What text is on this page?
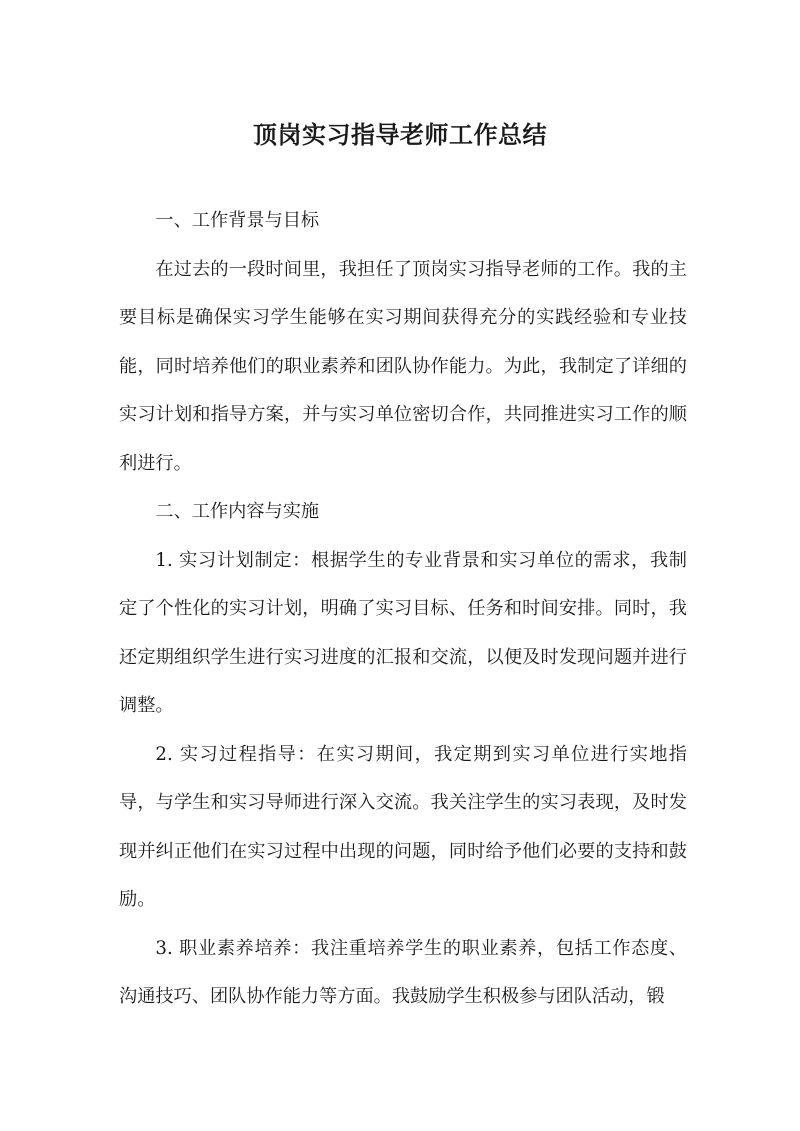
顶岗实习指导老师工作总结

一、工作背景与目标

在过去的一段时间里，我担任了顶岗实习指导老师的工作。我的主要目标是确保实习学生能够在实习期间获得充分的实践经验和专业技能，同时培养他们的职业素养和团队协作能力。为此，我制定了详细的实习计划和指导方案，并与实习单位密切合作，共同推进实习工作的顺利进行。

二、工作内容与实施

1. 实习计划制定：根据学生的专业背景和实习单位的需求，我制定了个性化的实习计划，明确了实习目标、任务和时间安排。同时，我还定期组织学生进行实习进度的汇报和交流，以便及时发现问题并进行调整。

2. 实习过程指导：在实习期间，我定期到实习单位进行实地指导，与学生和实习导师进行深入交流。我关注学生的实习表现，及时发现并纠正他们在实习过程中出现的问题，同时给予他们必要的支持和鼓励。

3. 职业素养培养：我注重培养学生的职业素养，包括工作态度、沟通技巧、团队协作能力等方面。我鼓励学生积极参与团队活动，锻
